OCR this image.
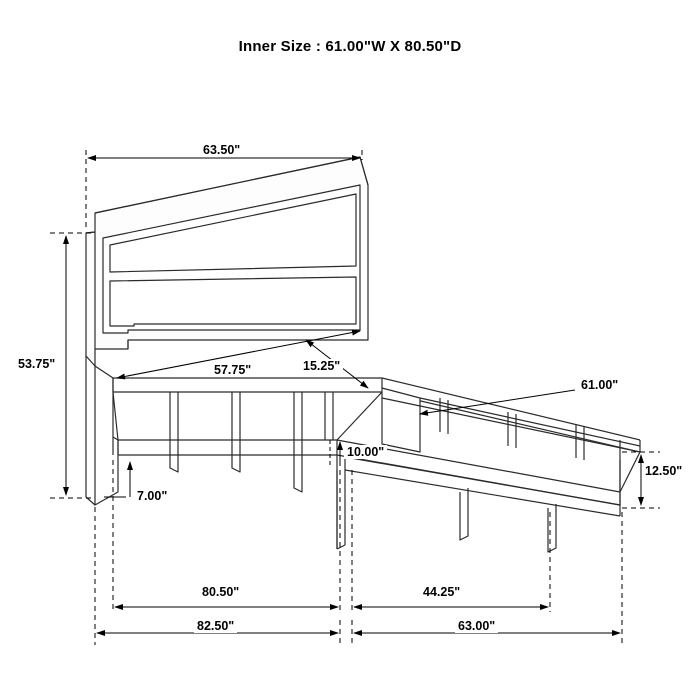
Inner Size : 61.00"W X 80.50"D
63.50"
53.75"	57.75"	15.25"
61.00"
10.00"
7.00"
12.50"
80.50"	44.25"
82.50"	63.00"
